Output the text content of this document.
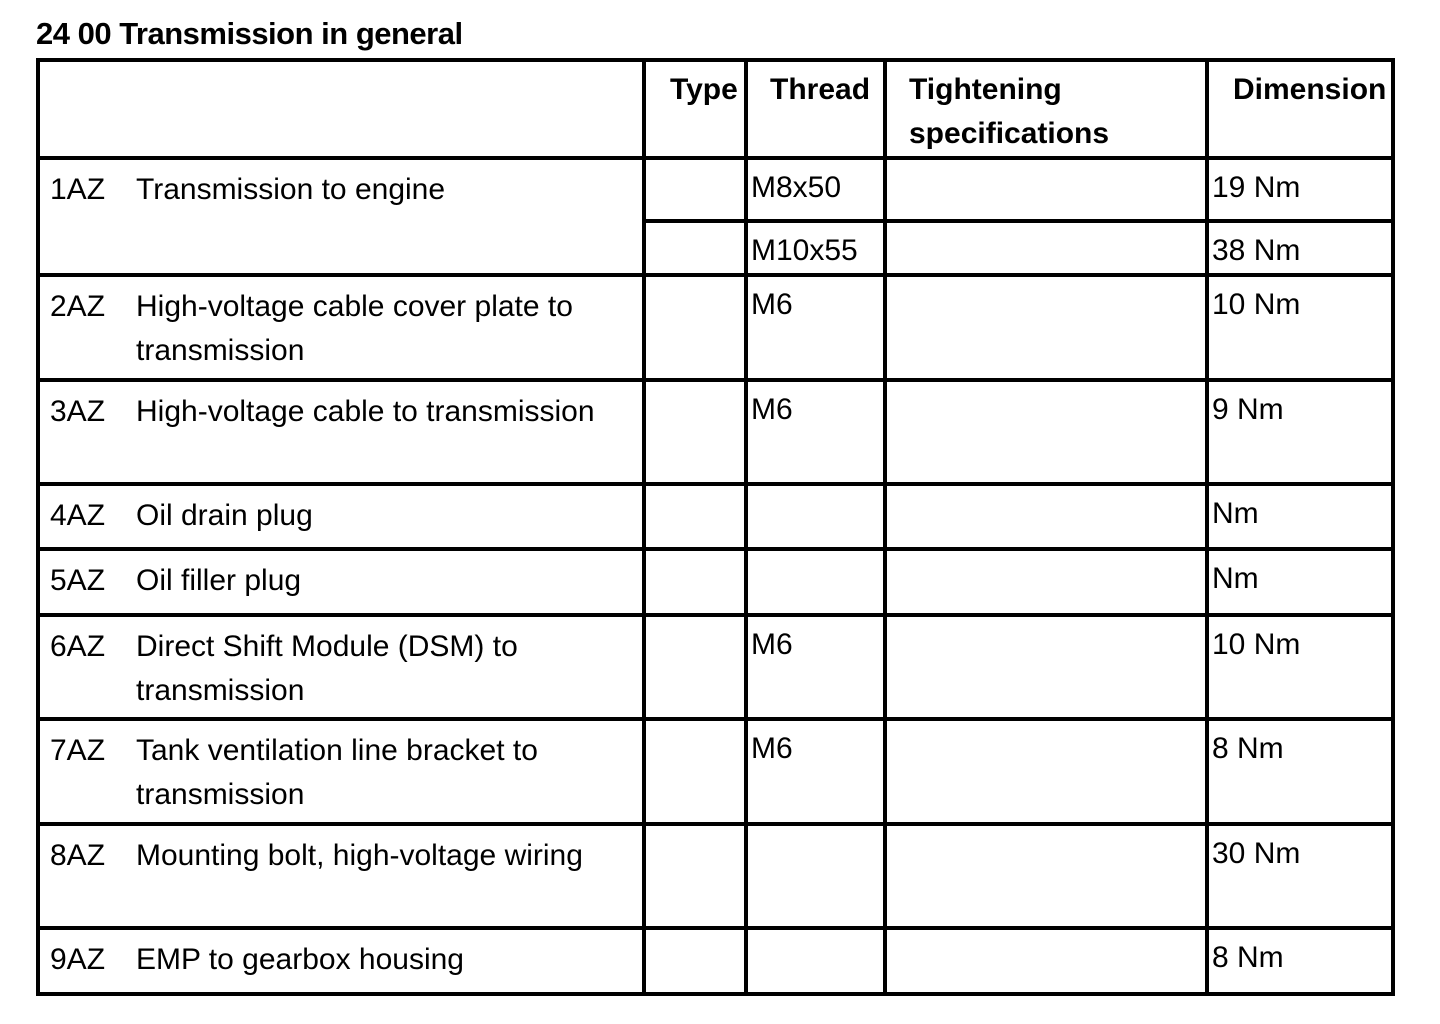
24 00 Transmission in general
	Type	Thread	Tightening specifications	Dimension

1AZ Transmission to engine		M8x50		19 Nm
		M10x55		38 Nm

2AZ High-voltage cable cover plate to transmission		M6		10 Nm

3AZ High-voltage cable to transmission		M6		9 Nm

4AZ Oil drain plug				Nm

5AZ Oil filler plug				Nm

6AZ Direct Shift Module (DSM) to transmission		M6		10 Nm

7AZ Tank ventilation line bracket to transmission		M6		8 Nm

8AZ Mounting bolt, high-voltage wiring				30 Nm

9AZ EMP to gearbox housing				8 Nm
